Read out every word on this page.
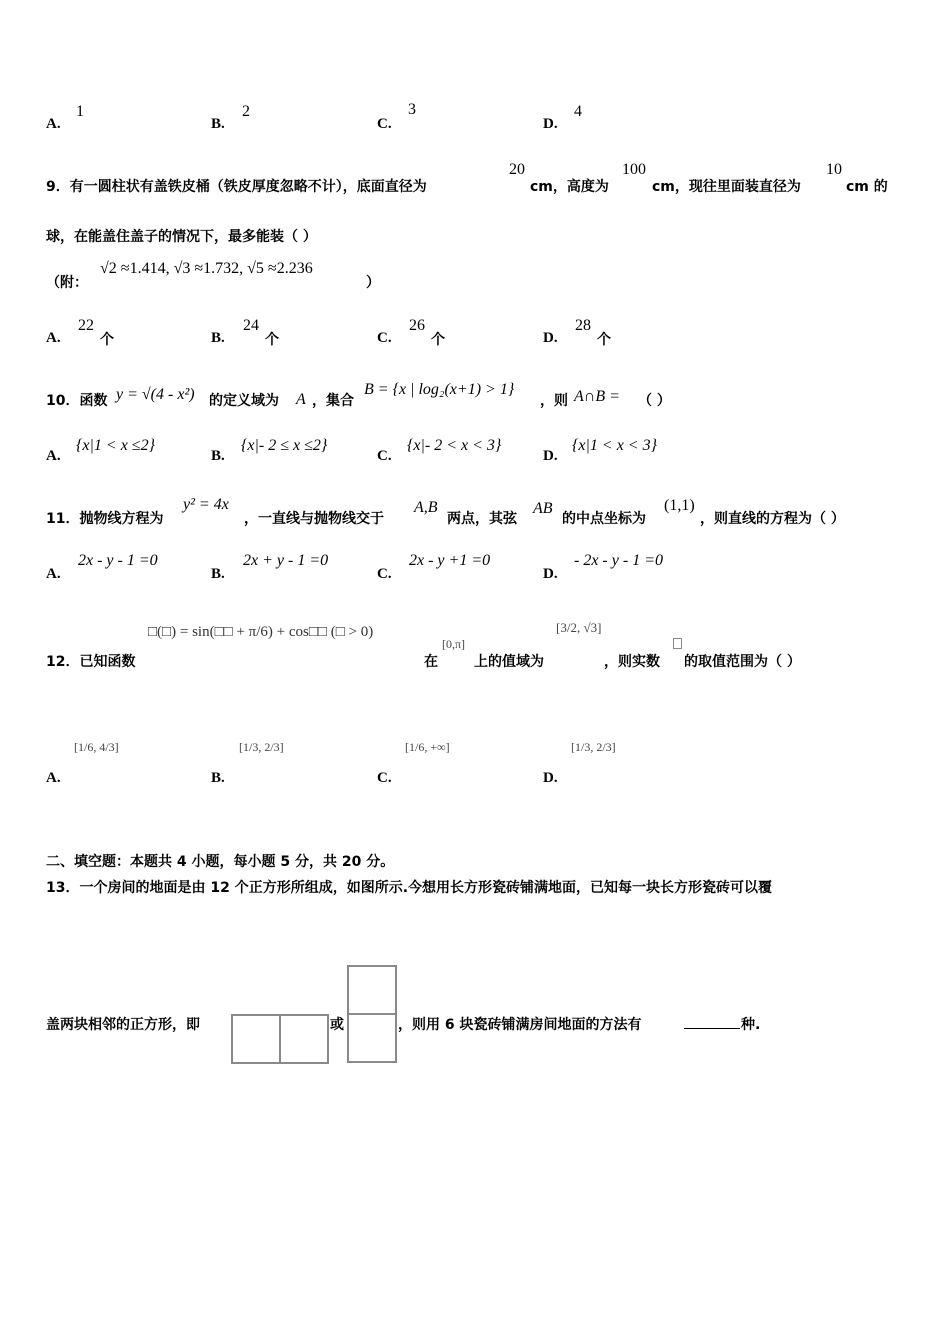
A.
1
B.
2
C.
3
D.
4
9．有一圆柱状有盖铁皮桶（铁皮厚度忽略不计），底面直径为
20
cm，高度为
100
cm，现往里面装直径为
10
cm 的
球，在能盖住盖子的情况下，最多能装（ ）
（附：
√2 ≈1.414, √3 ≈1.732, √5 ≈2.236
）
A.
22
个	B.
24
个	C.
26
个	D.
28
个
10．函数 y = √(4 - x²) 的定义域为 A ，集合
B = {x | log₂(x+1) > 1}
，则 A∩B = （ ）
A.
{x|1 < x ≤2}
B.
{x|- 2 ≤ x ≤2}
C.
{x|- 2 < x < 3}
D.
{x|1 < x < 3}
11．抛物线方程为
y² = 4x
，一直线与抛物线交于
A,B
两点，其弦
AB
的中点坐标为
(1,1)
，则直线的方程为（ ）
A.
2x - y - 1 =0
B.
2x + y - 1 =0
C.
2x - y +1 =0
D.
- 2x - y - 1 =0
□(□) = sin(□□ + π/6) + cos□□ (□ > 0)
12．已知函数	在
[0,π]
上的值域为
[3/2, √3]
，则实数 的取值范围为（ ）
A.
[1/6, 4/3]
B.
[1/3, 2/3]
C.
[1/6, +∞]
D.
[1/3, 2/3]
二、填空题：本题共 4 小题，每小题 5 分，共 20 分。
13．一个房间的地面是由 12 个正方形所组成，如图所示.今想用长方形瓷砖铺满地面，已知每一块长方形瓷砖可以覆
盖两块相邻的正方形，即	或	，则用 6 块瓷砖铺满房间地面的方法有	种.
